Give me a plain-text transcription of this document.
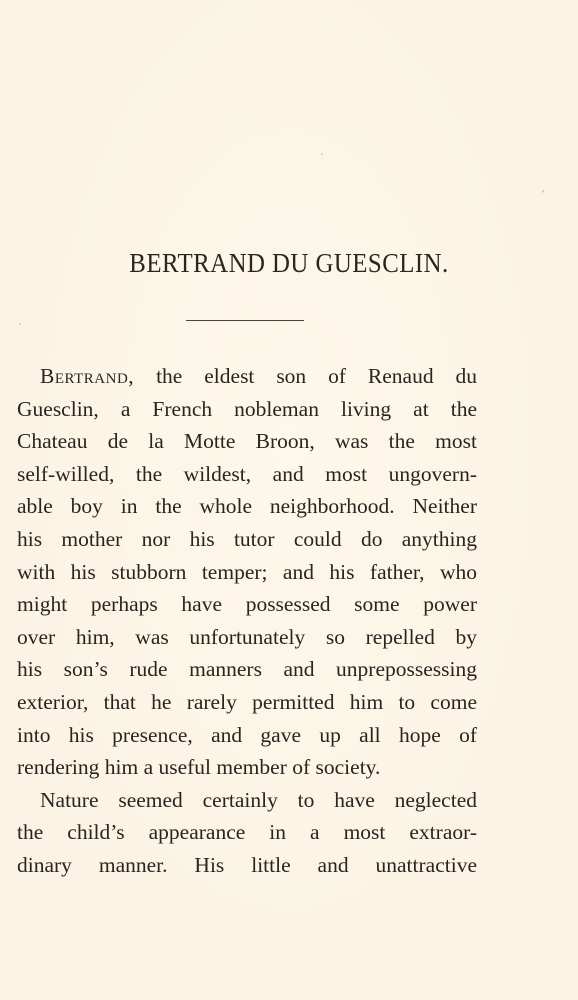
·
‘
·
BERTRAND DU GUESCLIN.
Bertrand, the eldest son of Renaud du
Guesclin, a French nobleman living at the
Chateau de la Motte Broon, was the most
self-willed, the wildest, and most ungovern-
able boy in the whole neighborhood. Neither
his mother nor his tutor could do anything
with his stubborn temper; and his father, who
might perhaps have possessed some power
over him, was unfortunately so repelled by
his son’s rude manners and unprepossessing
exterior, that he rarely permitted him to come
into his presence, and gave up all hope of
rendering him a useful member of society.
Nature seemed certainly to have neglected
the child’s appearance in a most extraor-
dinary manner. His little and unattractive
